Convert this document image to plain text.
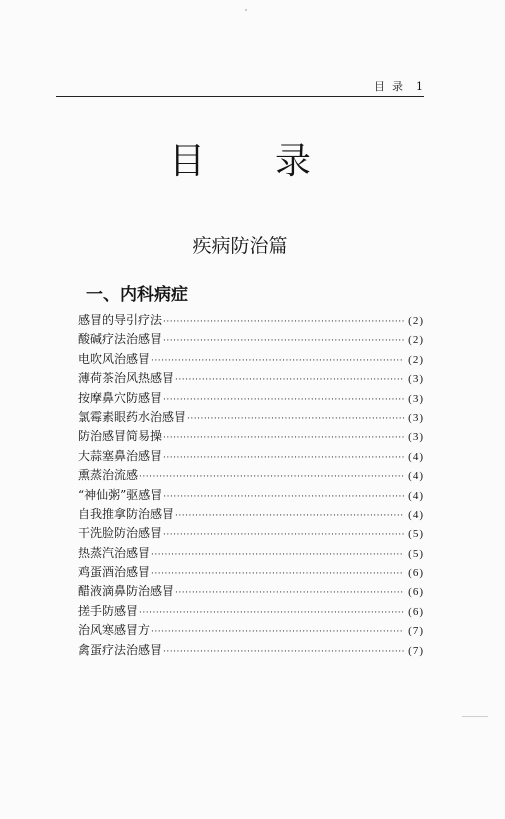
目 录 1
目 录
疾病防治篇
一、内科病症
感冒的导引疗法 ·····	(2)
酸碱疗法治感冒 ·····	(2)
电吹风治感冒 ·····	(2)
薄荷茶治风热感冒 ·····	(3)
按摩鼻穴防感冒 ·····	(3)
氯霉素眼药水治感冒 ·····	(3)
防治感冒简易操 ·····	(3)
大蒜塞鼻治感冒 ·····	(4)
熏蒸治流感 ·····	(4)
“神仙粥”驱感冒 ·····	(4)
自我推拿防治感冒 ·····	(4)
干洗脸防治感冒 ·····	(5)
热蒸汽治感冒 ·····	(5)
鸡蛋酒治感冒 ·····	(6)
醋液滴鼻防治感冒 ·····	(6)
搓手防感冒 ·····	(6)
治风寒感冒方 ·····	(7)
禽蛋疗法治感冒 ·····	(7)
